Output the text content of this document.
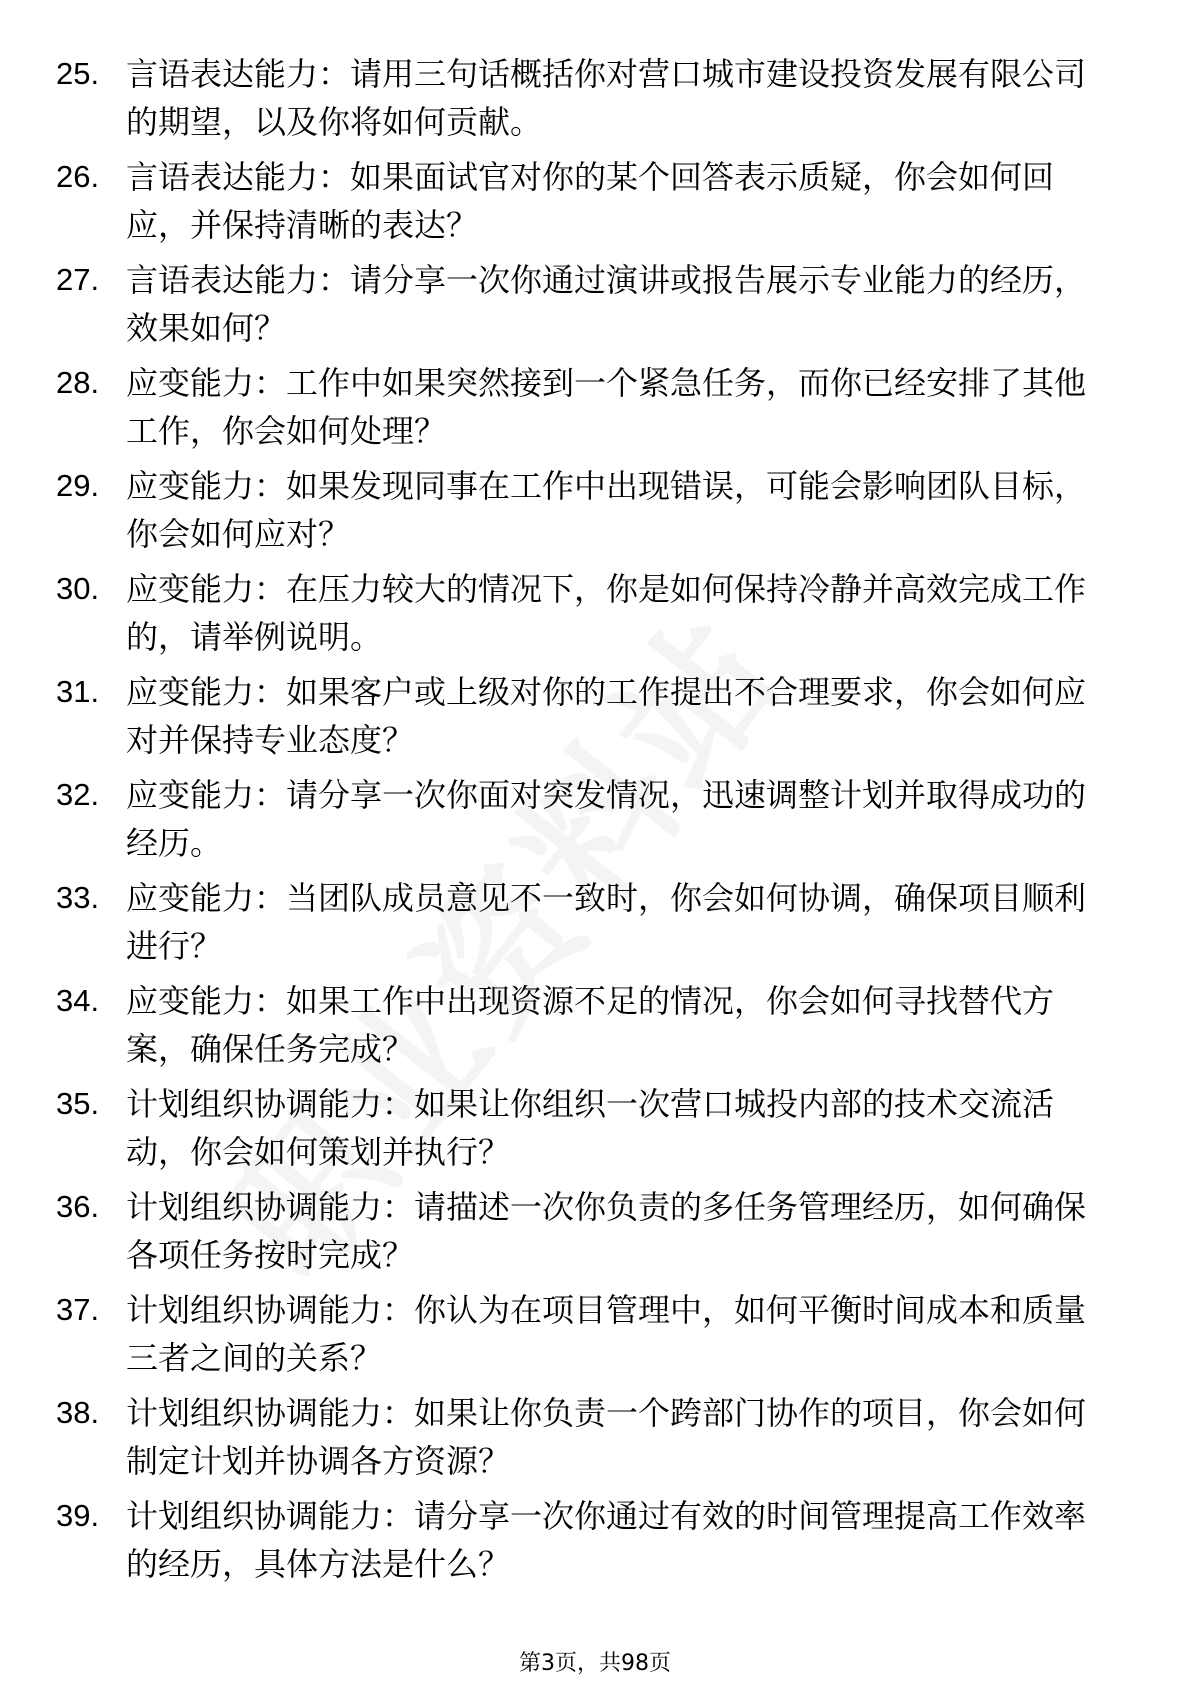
25. 言语表达能力：请用三句话概括你对营口城市建设投资发展有限公司的期望，以及你将如何贡献。
26. 言语表达能力：如果面试官对你的某个回答表示质疑，你会如何回应，并保持清晰的表达？
27. 言语表达能力：请分享一次你通过演讲或报告展示专业能力的经历，效果如何？
28. 应变能力：工作中如果突然接到一个紧急任务，而你已经安排了其他工作，你会如何处理？
29. 应变能力：如果发现同事在工作中出现错误，可能会影响团队目标，你会如何应对？
30. 应变能力：在压力较大的情况下，你是如何保持冷静并高效完成工作的，请举例说明。
31. 应变能力：如果客户或上级对你的工作提出不合理要求，你会如何应对并保持专业态度？
32. 应变能力：请分享一次你面对突发情况，迅速调整计划并取得成功的经历。
33. 应变能力：当团队成员意见不一致时，你会如何协调，确保项目顺利进行？
34. 应变能力：如果工作中出现资源不足的情况，你会如何寻找替代方案，确保任务完成？
35. 计划组织协调能力：如果让你组织一次营口城投内部的技术交流活动，你会如何策划并执行？
36. 计划组织协调能力：请描述一次你负责的多任务管理经历，如何确保各项任务按时完成？
37. 计划组织协调能力：你认为在项目管理中，如何平衡时间成本和质量三者之间的关系？
38. 计划组织协调能力：如果让你负责一个跨部门协作的项目，你会如何制定计划并协调各方资源？
39. 计划组织协调能力：请分享一次你通过有效的时间管理提高工作效率的经历，具体方法是什么？
第3页，共98页
